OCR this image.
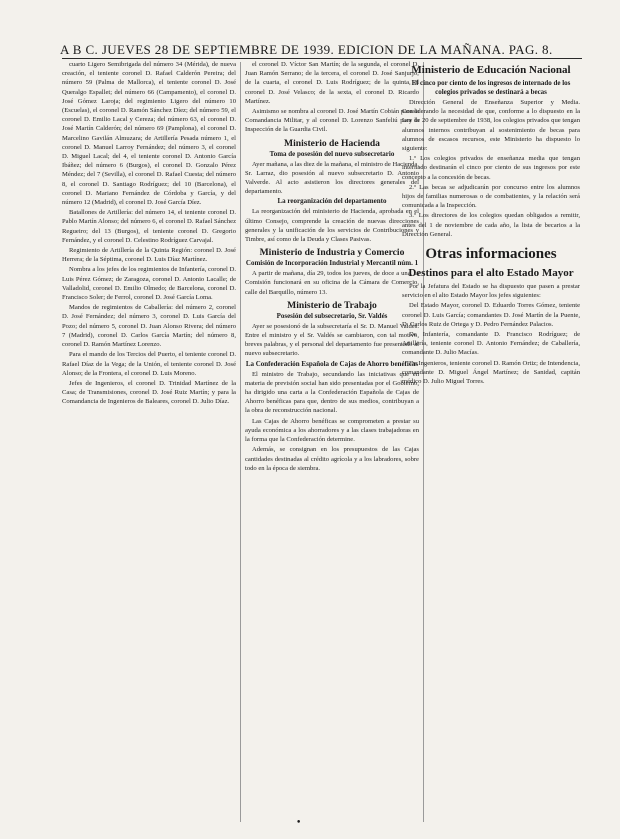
A B C. JUEVES 28 DE SEPTIEMBRE DE 1939. EDICION DE LA MAÑANA. PAG. 8.

cuarto Ligero Semibrigada del número 34 (Mérida), de nueva creación, el teniente coronel D. Rafael Calderón Pereira; del número 59 (Palma de Mallorca), el teniente coronel D. José Queralgo Espallet; del número 66 (Campamento), el coronel D. José Gómez Laroja; del regimiento Ligero del número 10 (Escuelas), el coronel D. Ramón Sánchez Díez; del número 59, el coronel D. Emilio Lacal y Cereza; del número 63, el coronel D. José Martín Calderón; del número 69 (Pamplona), el coronel D. Marcelino Gavilán Almuzara; de Artillería Pesada número 1, el coronel D. Manuel Larroy Fernández; del número 3, el coronel D. Miguel Lacal; del 4, el teniente coronel D. Antonio García Ibáñez; del número 6 (Burgos), el coronel D. Gonzalo Pérez Méndez; del 7 (Sevilla), el coronel D. Rafael Cuesta; del número 8, el coronel D. Santiago Rodríguez; del 10 (Barcelona), el coronel D. Mariano Fernández de Córdoba y García, y del número 12 (Madrid), el coronel D. José García Díez.

Batallones de Artillería: del número 14, el teniente coronel D. Pablo Martín Alonso; del número 6, el coronel D. Rafael Sánchez Regueiro; del 13 (Burgos), el teniente coronel D. Gregorio Fernández, y el coronel D. Celestino Rodríguez Carvajal.

Regimiento de Artillería de la Quinta Región: coronel D. José Herrera; de la Séptima, coronel D. Luis Díaz Martínez.

Nombra a los jefes de los regimientos de Infantería, coronel D. Luis Pérez Gómez; de Zaragoza, coronel D. Antonio Lacalle; de Valladolid, coronel D. Emilio Olmedo; de Barcelona, coronel D. Francisco Soler; de Ferrol, coronel D. José García Loma.

Mandos de regimientos de Caballería: del número 2, coronel D. José Fernández; del número 3, coronel D. Luis García del Pozo; del número 5, coronel D. Juan Alonso Rivera; del número 7 (Madrid), coronel D. Carlos García Martín; del número 8, coronel D. Ramón Martínez Lorenzo.

Para el mando de los Tercios del Puerto, el teniente coronel D. Rafael Díaz de la Vega; de la Unión, el teniente coronel D. José Alonso; de la Frontera, el coronel D. Luis Moreno.

Jefes de Ingenieros, el coronel D. Trinidad Martínez de la Casa; de Transmisiones, coronel D. José Ruiz Martín; y para la Comandancia de Ingenieros de Baleares, coronel D. Julio Díaz.

el coronel D. Víctor San Martín; de la segunda, el coronel D. Juan Ramón Serrano; de la tercera, el coronel D. José Sanjurjo; de la cuarta, el coronel D. Luis Rodríguez; de la quinta, el coronel D. José Velasco; de la sexta, el coronel D. Ricardo Martínez.

Asimismo se nombra al coronel D. José Martín Cobián para la Comandancia Militar, y al coronel D. Lorenzo Sanfeliú para la Inspección de la Guardia Civil.

Ministerio de Hacienda
Toma de posesión del nuevo subsecretario

Ayer mañana, a las diez de la mañana, el ministro de Hacienda, Sr. Larraz, dio posesión al nuevo subsecretario D. Antonio Valverde. Al acto asistieron los directores generales del departamento.

La reorganización del departamento

La reorganización del ministerio de Hacienda, aprobada en el último Consejo, comprende la creación de nuevas direcciones generales y la unificación de los servicios de Contribuciones y Timbre, así como de la Deuda y Clases Pasivas.

Ministerio de Industria y Comercio
Comisión de Incorporación Industrial y Mercantil núm. 1

A partir de mañana, día 29, todos los jueves, de doce a una, la Comisión funcionará en su oficina de la Cámara de Comercio, calle del Barquillo, número 13.

Ministerio de Trabajo
Posesión del subsecretario, Sr. Valdés

Ayer se posesionó de la subsecretaría el Sr. D. Manuel Valdés. Entre el ministro y el Sr. Valdés se cambiaron, con tal motivo, breves palabras, y el personal del departamento fue presentado al nuevo subsecretario.

La Confederación Española de Cajas de Ahorro benéficas

El ministro de Trabajo, secundando las iniciativas que en materia de previsión social han sido presentadas por el Gobierno, ha dirigido una carta a la Confederación Española de Cajas de Ahorro benéficas para que, dentro de sus medios, contribuyan a la obra de reconstrucción nacional.

Las Cajas de Ahorro benéficas se comprometen a prestar su ayuda económica a los ahorradores y a las clases trabajadoras en la forma que la Confederación determine.

Además, se consignan en los presupuestos de las Cajas cantidades destinadas al crédito agrícola y a los labradores, sobre todo en la época de siembra.

Ministerio de Educación Nacional
El cinco por ciento de los ingresos de internado de los colegios privados se destinará a becas

Dirección General de Enseñanza Superior y Media. Considerando la necesidad de que, conforme a lo dispuesto en la Ley de 20 de septiembre de 1938, los colegios privados que tengan alumnos internos contribuyan al sostenimiento de becas para alumnos de escasos recursos, este Ministerio ha dispuesto lo siguiente:

1.º Los colegios privados de enseñanza media que tengan internado destinarán el cinco por ciento de sus ingresos por este concepto a la concesión de becas.

2.º Las becas se adjudicarán por concurso entre los alumnos hijos de familias numerosas o de combatientes, y la relación será comunicada a la Inspección.

3.º Los directores de los colegios quedan obligados a remitir, antes del 1 de noviembre de cada año, la lista de becarios a la Dirección General.

Otras informaciones
Destinos para el alto Estado Mayor

Por la Jefatura del Estado se ha dispuesto que pasen a prestar servicio en el alto Estado Mayor los jefes siguientes:

Del Estado Mayor, coronel D. Eduardo Torres Gómez, teniente coronel D. Luis García; comandantes D. José Martín de la Puente, D. Carlos Ruiz de Ortega y D. Pedro Fernández Palacios.

De Infantería, comandante D. Francisco Rodríguez; de Artillería, teniente coronel D. Antonio Fernández; de Caballería, comandante D. Julio Macías.

De Ingenieros, teniente coronel D. Ramón Ortiz; de Intendencia, comandante D. Miguel Ángel Martínez; de Sanidad, capitán médico D. Julio Miguel Torres.

•
